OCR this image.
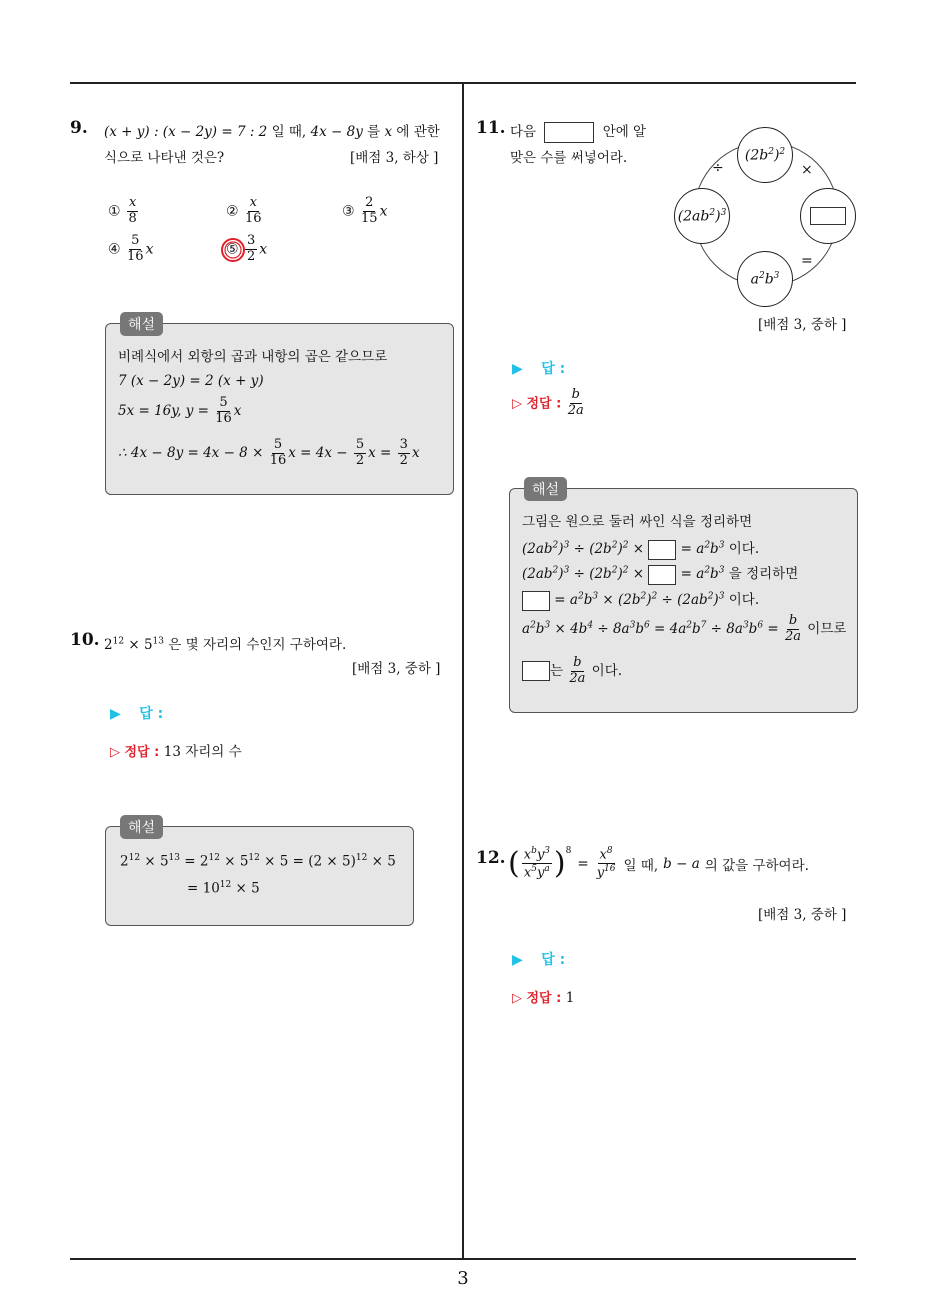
3
9. (x + y) : (x − 2y) = 7 : 2 일 때, 4x − 8y 를 x 에 관한
식으로 나타낸 것은?	[배점 3, 하상 ]
① $\frac{x}{8}$	② $\frac{x}{16}$	③ $\frac{2}{15}$ x
④ $\frac{5}{16}$ x	⑤ $\frac{3}{2}$ x
해설
비례식에서 외항의 곱과 내항의 곱은 같으므로
7 (x − 2y) = 2 (x + y)
5x = 16y, $y = \frac{5}{16}$ x
∴ $4x - 8y = 4x - 8 \times \frac{5}{16}$ $x = 4x - \frac{5}{2}$ $x = \frac{3}{2}$ x
10. $2^{12} \times 5^{13}$ 은 몇 자리의 수인지 구하여라.
[배점 3, 중하 ]
▶ 답 :
▷ 정답 : 13 자리의 수
해설
$2^{12} \times 5^{13} = 2^{12} \times 5^{12} \times 5 = (2 \times 5)^{12} \times 5$
= $10^{12} \times 5$
11. 다음	안에 알
맞은 수를 써넣어라.	$(2b^2)^2$
$(2ab^2)^3$
$a^2b^3$
÷	×
=
[배점 3, 중하 ]
▶ 답 :
▷ 정답 : $\frac{b}{2a}$
해설
그림은 원으로 둘러 싸인 식을 정리하면
$(2ab^2)^3 \div (2b^2)^2$ ×	= $a^2b^3$ 이다.
$(2ab^2)^3 \div (2b^2)^2$ ×	= $a^2b^3$ 을 정리하면
= $a^2b^3 \times (2b^2)^2 \div (2ab^2)^3$ 이다.
$a^2b^3 \times 4b^4 \div 8a^3b^6 = 4a^2b^7 \div 8a^3b^6 = \frac{b}{2a}$ 이므로
는 $\frac{b}{2a}$ 이다.
12. ( $\frac{x^by^3}{x^5y^a} )^8$
= $\frac{x^8}{y^{16}}$ 일 때, b − a 의 값을 구하여라.
[배점 3, 중하 ]
▶ 답 :
▷ 정답 : 1
